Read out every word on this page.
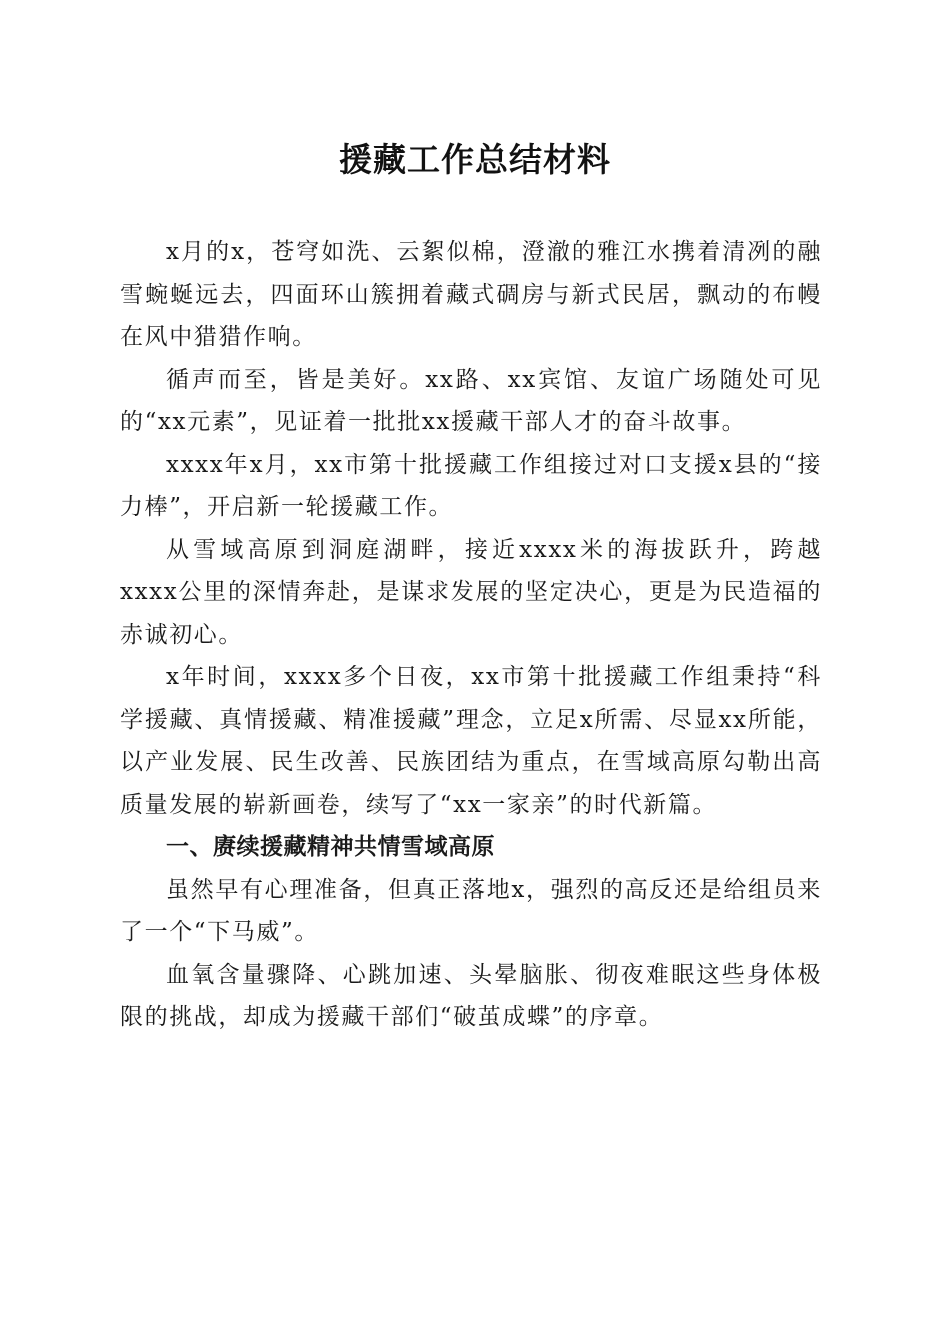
援藏工作总结材料

x月的x，苍穹如洗、云絮似棉，澄澈的雅江水携着清冽的融雪蜿蜒远去，四面环山簇拥着藏式碉房与新式民居，飘动的布幔在风中猎猎作响。

循声而至，皆是美好。xx路、xx宾馆、友谊广场随处可见的“xx元素”，见证着一批批xx援藏干部人才的奋斗故事。

xxxx年x月，xx市第十批援藏工作组接过对口支援x县的“接力棒”，开启新一轮援藏工作。

从雪域高原到洞庭湖畔，接近xxxx米的海拔跃升，跨越xxxx公里的深情奔赴，是谋求发展的坚定决心，更是为民造福的赤诚初心。

x年时间，xxxx多个日夜，xx市第十批援藏工作组秉持“科学援藏、真情援藏、精准援藏”理念，立足x所需、尽显xx所能，以产业发展、民生改善、民族团结为重点，在雪域高原勾勒出高质量发展的崭新画卷，续写了“xx一家亲”的时代新篇。

一、赓续援藏精神共情雪域高原

虽然早有心理准备，但真正落地x，强烈的高反还是给组员来了一个“下马威”。

血氧含量骤降、心跳加速、头晕脑胀、彻夜难眠这些身体极限的挑战，却成为援藏干部们“破茧成蝶”的序章。
